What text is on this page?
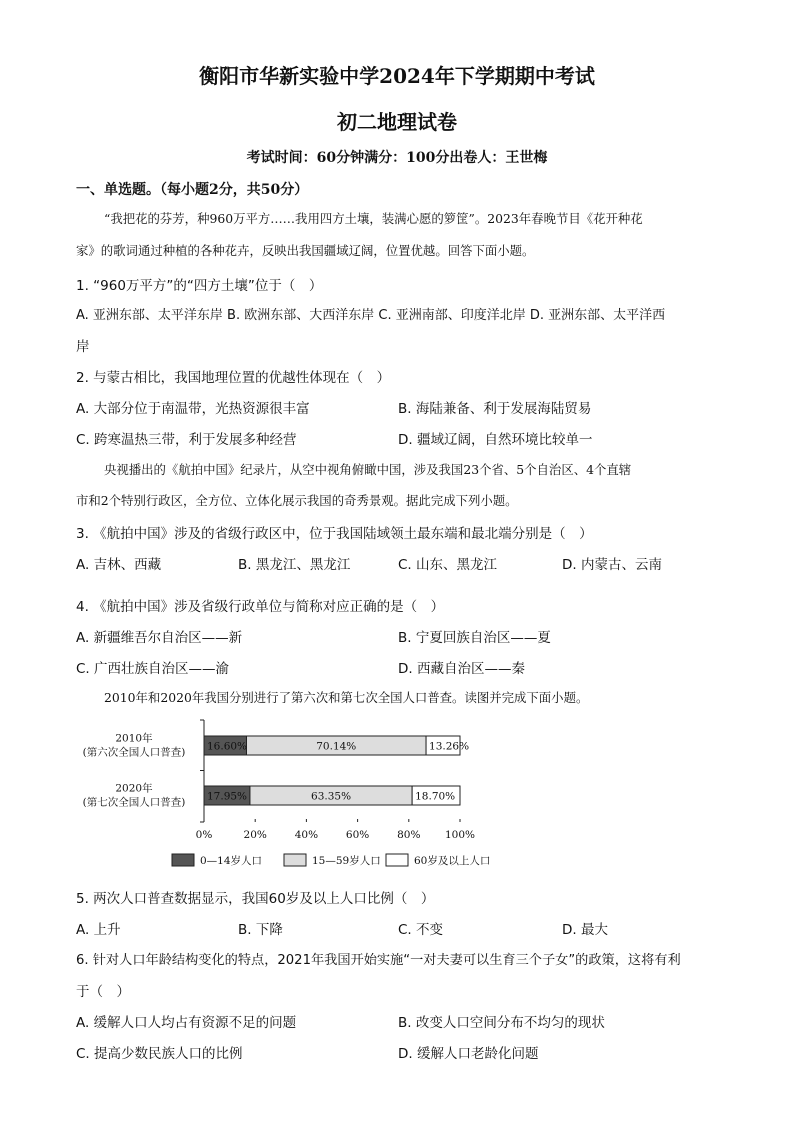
衡阳市华新实验中学2024年下学期期中考试
初二地理试卷
考试时间：60分钟满分：100分出卷人：王世梅
一、单选题。（每小题2分，共50分）
“我把花的芬芳，种960万平方……我用四方土壤，装满心愿的箩筐”。2023年春晚节目《花开种花
家》的歌词通过种植的各种花卉，反映出我国疆域辽阔，位置优越。回答下面小题。
1. “960万平方”的“四方土壤”位于（　）
A. 亚洲东部、太平洋东岸 B. 欧洲东部、大西洋东岸 C. 亚洲南部、印度洋北岸 D. 亚洲东部、太平洋西
岸
2. 与蒙古相比，我国地理位置的优越性体现在（　）
A. 大部分位于南温带，光热资源很丰富	B. 海陆兼备、利于发展海陆贸易
C. 跨寒温热三带，利于发展多种经营	D. 疆域辽阔，自然环境比较单一
央视播出的《航拍中国》纪录片，从空中视角俯瞰中国，涉及我国23个省、5个自治区、4个直辖
市和2个特别行政区，全方位、立体化展示我国的奇秀景观。据此完成下列小题。
3. 《航拍中国》涉及的省级行政区中，位于我国陆域领土最东端和最北端分别是（　）
A. 吉林、西藏	B. 黑龙江、黑龙江	C. 山东、黑龙江	D. 内蒙古、云南
4. 《航拍中国》涉及省级行政单位与简称对应正确的是（　）
A. 新疆维吾尔自治区——新	B. 宁夏回族自治区——夏
C. 广西壮族自治区——渝	D. 西藏自治区——秦
2010年和2020年我国分别进行了第六次和第七次全国人口普查。读图并完成下面小题。
0%	20%	40%	60%	80% 100%
2010年
(第六次全国人口普查)
2020年
(第七次全国人口普查)
16.60%	70.14%	13.26%
17.95%	63.35%	18.70%
0—14岁人口	15—59岁人口	60岁及以上人口
5. 两次人口普查数据显示，我国60岁及以上人口比例（　）
A. 上升	B. 下降	C. 不变	D. 最大
6. 针对人口年龄结构变化的特点，2021年我国开始实施“一对夫妻可以生育三个子女”的政策，这将有利
于（　）
A. 缓解人口人均占有资源不足的问题	B. 改变人口空间分布不均匀的现状
C. 提高少数民族人口的比例	D. 缓解人口老龄化问题
